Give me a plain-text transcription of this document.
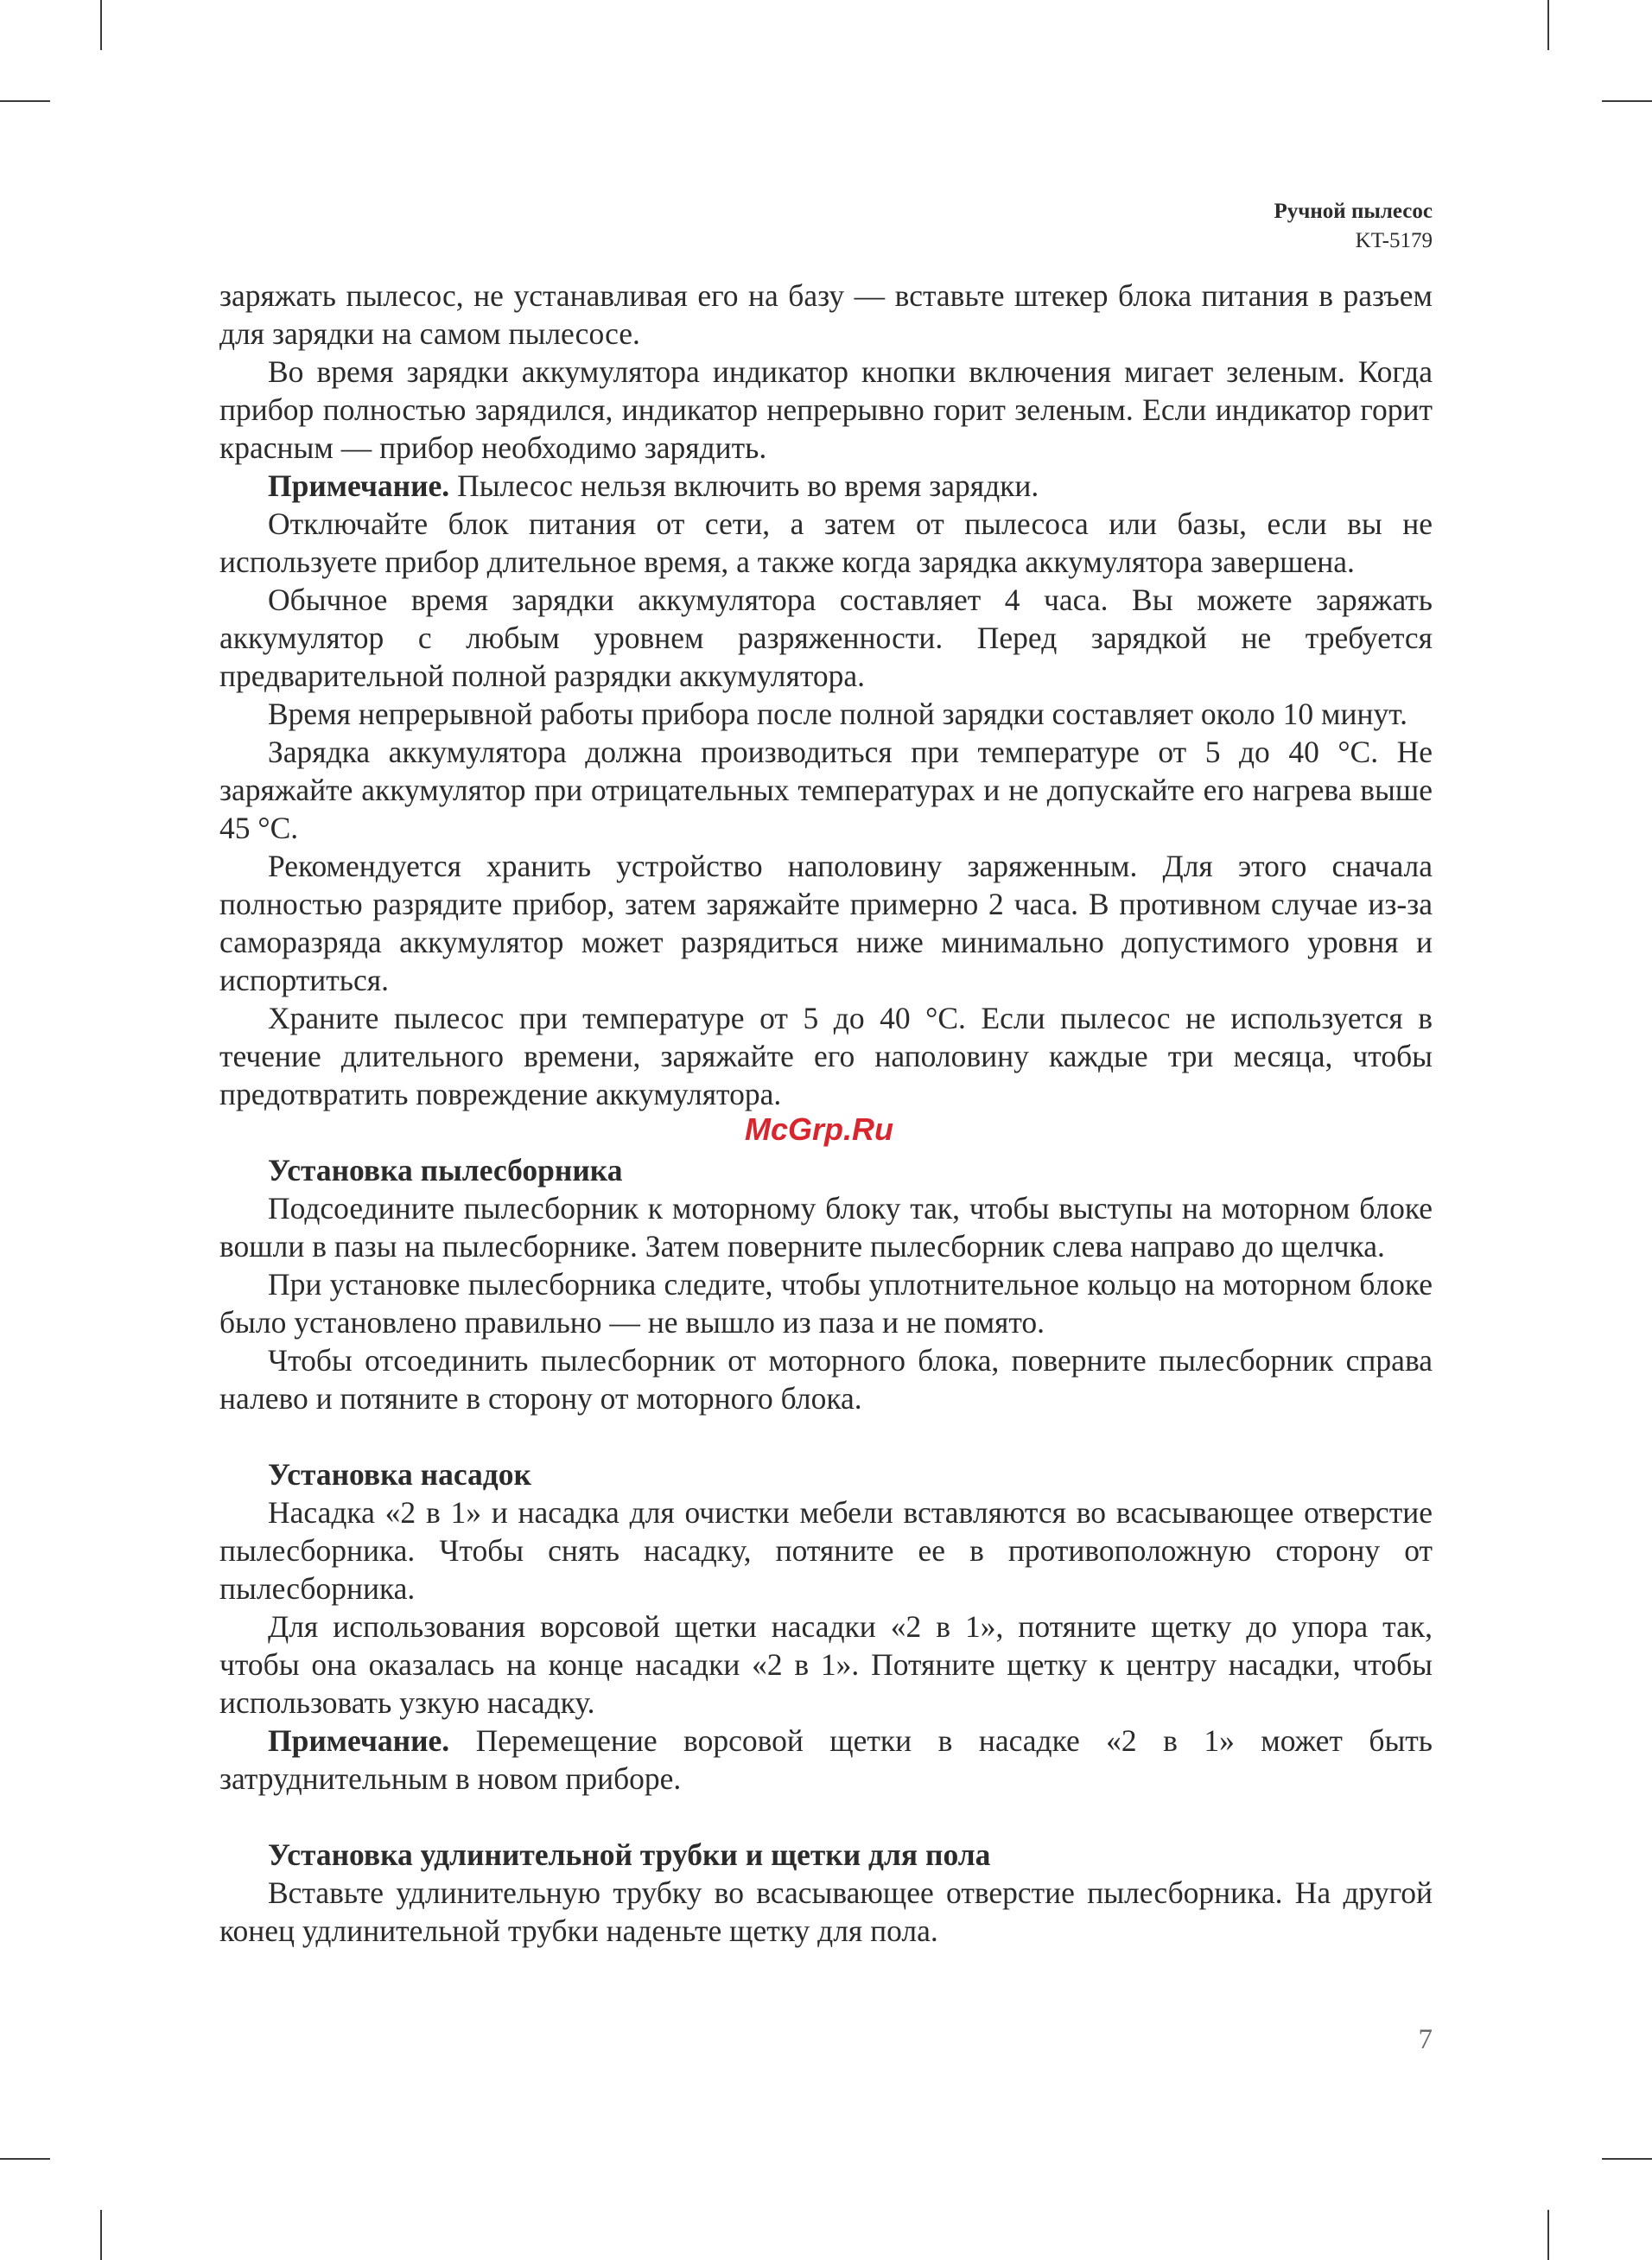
Ручной пылесос
KT-5179

заряжать пылесос, не устанавливая его на базу — вставьте штекер блока питания в разъем для зарядки на самом пылесосе.

Во время зарядки аккумулятора индикатор кнопки включения мигает зеленым. Когда прибор полностью зарядился, индикатор непрерывно горит зеленым. Если индикатор горит красным — прибор необходимо зарядить.

Примечание. Пылесос нельзя включить во время зарядки.

Отключайте блок питания от сети, а затем от пылесоса или базы, если вы не используете прибор длительное время, а также когда зарядка аккумулятора завершена.

Обычное время зарядки аккумулятора составляет 4 часа. Вы можете заряжать аккумулятор с любым уровнем разряженности. Перед зарядкой не требуется предварительной полной разрядки аккумулятора.

Время непрерывной работы прибора после полной зарядки составляет около 10 минут.

Зарядка аккумулятора должна производиться при температуре от 5 до 40 °С. Не заряжайте аккумулятор при отрицательных температурах и не допускайте его нагрева выше 45 °С.

Рекомендуется хранить устройство наполовину заряженным. Для этого сначала полностью разрядите прибор, затем заряжайте примерно 2 часа. В противном случае из-за саморазряда аккумулятор может разрядиться ниже минимально допустимого уровня и испортиться.

Храните пылесос при температуре от 5 до 40 °С. Если пылесос не используется в течение длительного времени, заряжайте его наполовину каждые три месяца, чтобы предотвратить повреждение аккумулятора.

Установка пылесборника

Подсоедините пылесборник к моторному блоку так, чтобы выступы на моторном блоке вошли в пазы на пылесборнике. Затем поверните пылесборник слева направо до щелчка.

При установке пылесборника следите, чтобы уплотнительное кольцо на моторном блоке было установлено правильно — не вышло из паза и не помято.

Чтобы отсоединить пылесборник от моторного блока, поверните пылесборник справа налево и потяните в сторону от моторного блока.

Установка насадок

Насадка «2 в 1» и насадка для очистки мебели вставляются во всасывающее отверстие пылесборника. Чтобы снять насадку, потяните ее в противоположную сторону от пылесборника.

Для использования ворсовой щетки насадки «2 в 1», потяните щетку до упора так, чтобы она оказалась на конце насадки «2 в 1». Потяните щетку к центру насадки, чтобы использовать узкую насадку.

Примечание. Перемещение ворсовой щетки в насадке «2 в 1» может быть затруднительным в новом приборе.

Установка удлинительной трубки и щетки для пола

Вставьте удлинительную трубку во всасывающее отверстие пылесборника. На другой конец удлинительной трубки наденьте щетку для пола.

McGrp.Ru
7
